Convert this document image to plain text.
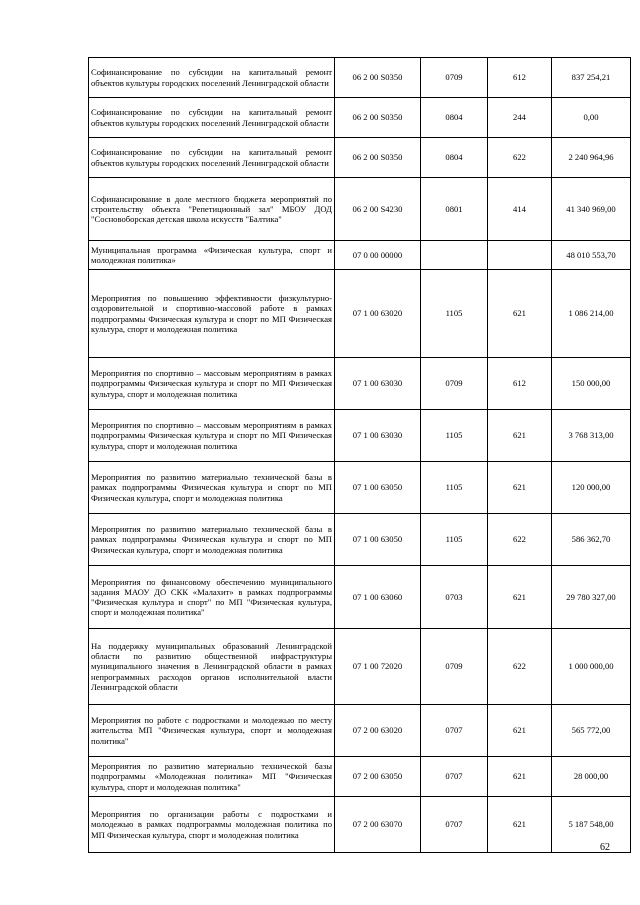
Софинансирование по субсидии на капитальный ремонт объектов культуры городских поселений Ленинградской области	06 2 00 S0350	0709	612	837 254,21
Софинансирование по субсидии на капитальный ремонт объектов культуры городских поселений Ленинградской области	06 2 00 S0350	0804	244	0,00
Софинансирование по субсидии на капитальный ремонт объектов культуры городских поселений Ленинградской области	06 2 00 S0350	0804	622	2 240 964,96
Софинансирование в доле местного бюджета мероприятий по строительству объекта "Репетиционный зал" МБОУ ДОД "Сосновоборская детская школа искусств "Балтика"	06 2 00 S4230	0801	414	41 340 969,00
Муниципальная программа «Физическая культура, спорт и молодежная политика»	07 0 00 00000			48 010 553,70
Мероприятия по повышению эффективности физкультурно-оздоровительной и спортивно-массовой работе в рамках подпрограммы Физическая культура и спорт по МП Физическая культура, спорт и молодежная политика	07 1 00 63020	1105	621	1 086 214,00
Мероприятия по спортивно – массовым мероприятиям в рамках подпрограммы Физическая культура и спорт по МП Физическая культура, спорт и молодежная политика	07 1 00 63030	0709	612	150 000,00
Мероприятия по спортивно – массовым мероприятиям в рамках подпрограммы Физическая культура и спорт по МП Физическая культура, спорт и молодежная политика	07 1 00 63030	1105	621	3 768 313,00
Мероприятия по развитию материально технической базы в рамках подпрограммы Физическая культура и спорт по МП Физическая культура, спорт и молодежная политика	07 1 00 63050	1105	621	120 000,00
Мероприятия по развитию материально технической базы в рамках подпрограммы Физическая культура и спорт по МП Физическая культура, спорт и молодежная политика	07 1 00 63050	1105	622	586 362,70
Мероприятия по финансовому обеспечению муниципального задания МАОУ ДО СКК «Малахит» в рамках подпрограммы "Физическая культура и спорт" по МП "Физическая культура, спорт и молодежная политика"	07 1 00 63060	0703	621	29 780 327,00
На поддержку муниципальных образований Ленинградской области по развитию общественной инфраструктуры муниципального значения в Ленинградской области в рамках непрограммных расходов органов исполнительной власти Ленинградской области	07 1 00 72020	0709	622	1 000 000,00
Мероприятия по работе с подростками и молодежью по месту жительства МП "Физическая культура, спорт и молодежная политика"	07 2 00 63020	0707	621	565 772,00
Мероприятия по развитию материально технической базы подпрограммы «Молодежная политика» МП "Физическая культура, спорт и молодежная политика"	07 2 00 63050	0707	621	28 000,00
Мероприятия по организации работы с подростками и молодежью в рамках подпрограммы молодежная политика по МП Физическая культура, спорт и молодежная политика	07 2 00 63070	0707	621	5 187 548,00
62
